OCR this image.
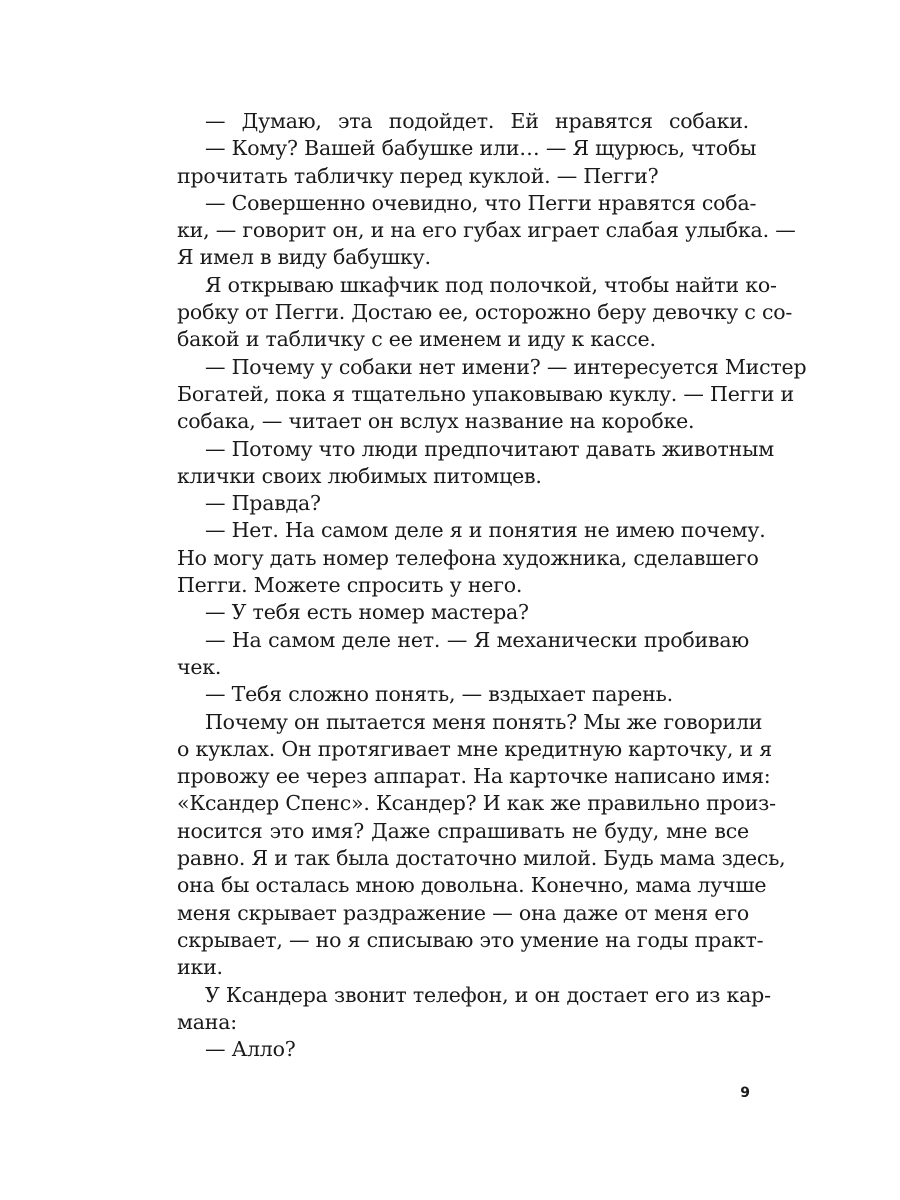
— Думаю, эта подойдет. Ей нравятся собаки.
— Кому? Вашей бабушке или… — Я щурюсь, чтобы
прочитать табличку перед куклой. — Пегги?
— Совершенно очевидно, что Пегги нравятся соба-
ки, — говорит он, и на его губах играет слабая улыбка. —
Я имел в виду бабушку.
Я открываю шкафчик под полочкой, чтобы найти ко-
робку от Пегги. Достаю ее, осторожно беру девочку с со-
бакой и табличку с ее именем и иду к кассе.
— Почему у собаки нет имени? — интересуется Мистер
Богатей, пока я тщательно упаковываю куклу. — Пегги и
собака, — читает он вслух название на коробке.
— Потому что люди предпочитают давать животным
клички своих любимых питомцев.
— Правда?
— Нет. На самом деле я и понятия не имею почему.
Но могу дать номер телефона художника, сделавшего
Пегги. Можете спросить у него.
— У тебя есть номер мастера?
— На самом деле нет. — Я механически пробиваю
чек.
— Тебя сложно понять, — вздыхает парень.
Почему он пытается меня понять? Мы же говорили
о куклах. Он протягивает мне кредитную карточку, и я
провожу ее через аппарат. На карточке написано имя:
«Ксандер Спенс». Ксандер? И как же правильно произ-
носится это имя? Даже спрашивать не буду, мне все
равно. Я и так была достаточно милой. Будь мама здесь,
она бы осталась мною довольна. Конечно, мама лучше
меня скрывает раздражение — она даже от меня его
скрывает, — но я списываю это умение на годы практ-
ики.
У Ксандера звонит телефон, и он достает его из кар-
мана:
— Алло?
9
